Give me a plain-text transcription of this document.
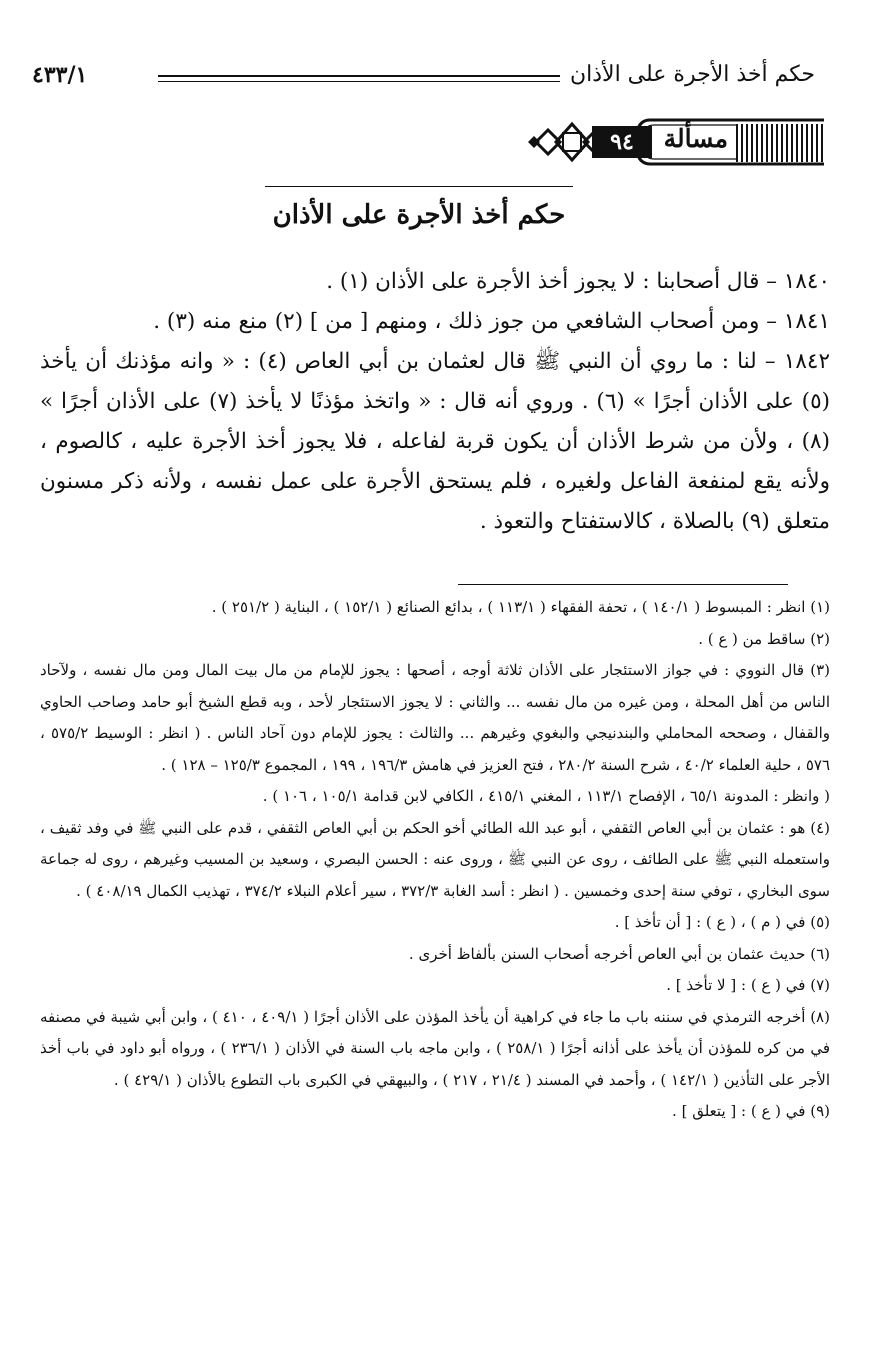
حكم أخذ الأجرة على الأذان
٤٣٣/١
٩٤	مسألة
حكم أخذ الأجرة على الأذان

١٨٤٠ – قال أصحابنا : لا يجوز أخذ الأجرة على الأذان (١) .

١٨٤١ – ومن أصحاب الشافعي من جوز ذلك ، ومنهم [ من ] (٢) منع منه (٣) .

١٨٤٢ – لنا : ما روي أن النبي ﷺ قال لعثمان بن أبي العاص (٤) : « وانه مؤذنك أن يأخذ (٥) على الأذان أجرًا » (٦) . وروي أنه قال : « واتخذ مؤذنًا لا يأخذ (٧) على الأذان أجرًا » (٨) ، ولأن من شرط الأذان أن يكون قربة لفاعله ، فلا يجوز أخذ الأجرة عليه ، كالصوم ، ولأنه يقع لمنفعة الفاعل ولغيره ، فلم يستحق الأجرة على عمل نفسه ، ولأنه ذكر مسنون متعلق (٩) بالصلاة ، كالاستفتاح والتعوذ .

(١) انظر : المبسوط ( ١٤٠/١ ) ، تحفة الفقهاء ( ١١٣/١ ) ، بدائع الصنائع ( ١٥٢/١ ) ، البناية ( ٢٥١/٢ ) .

(٢) ساقط من ( ع ) .

(٣) قال النووي : في جواز الاستئجار على الأذان ثلاثة أوجه ، أصحها : يجوز للإمام من مال بيت المال ومن مال نفسه ، ولآحاد الناس من أهل المحلة ، ومن غيره من مال نفسه ... والثاني : لا يجوز الاستئجار لأحد ، وبه قطع الشيخ أبو حامد وصاحب الحاوي والقفال ، وصححه المحاملي والبندنيجي والبغوي وغيرهم ... والثالث : يجوز للإمام دون آحاد الناس . ( انظر : الوسيط ٥٧٥/٢ ، ٥٧٦ ، حلية العلماء ٤٠/٢ ، شرح السنة ٢٨٠/٢ ، فتح العزيز في هامش ١٩٦/٣ ، ١٩٩ ، المجموع ١٢٥/٣ – ١٢٨ ) .

( وانظر : المدونة ٦٥/١ ، الإفصاح ١١٣/١ ، المغني ٤١٥/١ ، الكافي لابن قدامة ١٠٥/١ ، ١٠٦ ) .

(٤) هو : عثمان بن أبي العاص الثقفي ، أبو عبد الله الطائي أخو الحكم بن أبي العاص الثقفي ، قدم على النبي ﷺ في وفد ثقيف ، واستعمله النبي ﷺ على الطائف ، روى عن النبي ﷺ ، وروى عنه : الحسن البصري ، وسعيد بن المسيب وغيرهم ، روى له جماعة سوى البخاري ، توفي سنة إحدى وخمسين . ( انظر : أسد الغابة ٣٧٢/٣ ، سير أعلام النبلاء ٣٧٤/٢ ، تهذيب الكمال ٤٠٨/١٩ ) .

(٥) في ( م ) ، ( ع ) : [ أن تأخذ ] .

(٦) حديث عثمان بن أبي العاص أخرجه أصحاب السنن بألفاظ أخرى .

(٧) في ( ع ) : [ لا تأخذ ] .

(٨) أخرجه الترمذي في سننه باب ما جاء في كراهية أن يأخذ المؤذن على الأذان أجرًا ( ٤٠٩/١ ، ٤١٠ ) ، وابن أبي شيبة في مصنفه في من كره للمؤذن أن يأخذ على أذانه أجرًا ( ٢٥٨/١ ) ، وابن ماجه باب السنة في الأذان ( ٢٣٦/١ ) ، ورواه أبو داود في باب أخذ الأجر على التأذين ( ١٤٢/١ ) ، وأحمد في المسند ( ٢١/٤ ، ٢١٧ ) ، والبيهقي في الكبرى باب التطوع بالأذان ( ٤٢٩/١ ) .

(٩) في ( ع ) : [ يتعلق ] .
